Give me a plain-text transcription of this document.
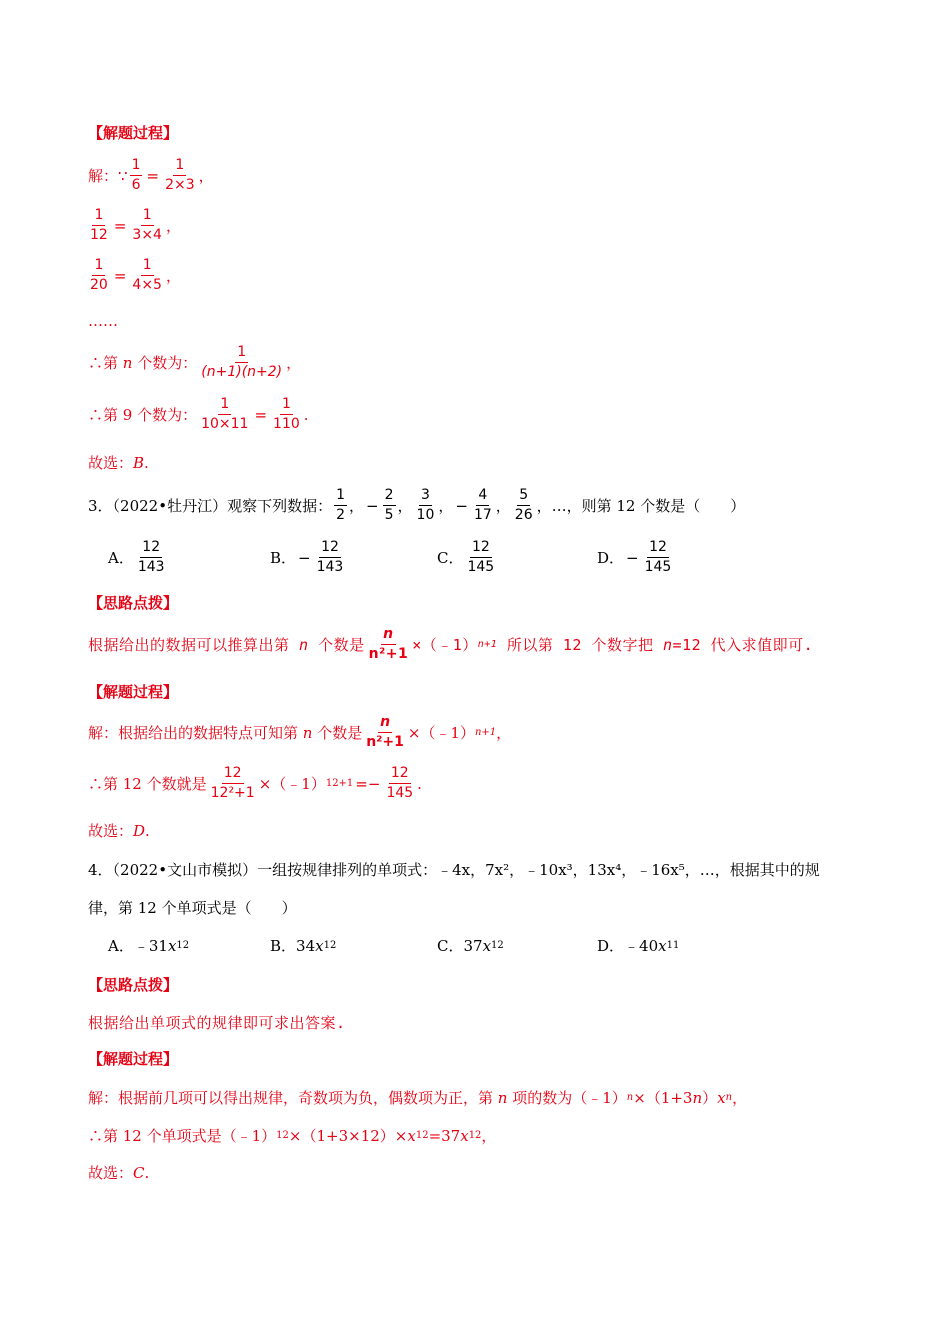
【解题过程】
解： ∵ $\frac{1}{6} = \frac{1}{2\times 3}$ ，
$\frac{1}{12} = \frac{1}{3\times 4}$ ，
$\frac{1}{20} = \frac{1}{4\times 5}$ ，
……
∴第
n
个数为： $\frac{1}{(n+1)(n+2)}$ ，
∴第 9 个数为： $\frac{1}{10\times 11} = \frac{1}{110}$ .
故选： B .
3．（2022•牡丹江）观察下列数据： $\frac{1}{2}$ ， − $\frac{2}{5}$ ， $\frac{3}{10}$ ， − $\frac{4}{17}$ ， $\frac{5}{26}$ ，…，则第 12 个数是（　　）
A． $\frac{12}{143}$	B． − $\frac{12}{143}$	C． $\frac{12}{145}$	D． − $\frac{12}{145}$
【思路点拨】
根据给出的数据可以推算出第
n
个数是 $\frac{n}{\text{n²+1}}$ ×（﹣1） n+1
所以第 12 个数字把
n =12 代入求值即可.
【解题过程】
解：根据给出的数据特点可知第
n
个数是 $\frac{n}{\text{n²+1}}$ ×（﹣1） n+1 ，
∴第 12 个数就是 $\frac{12}{\text{12²+1}}$ ×（﹣1） $12+1 =- \frac{12}{145}$ .
故选： D .
4．（2022•文山市模拟）一组按规律排列的单项式：﹣4 x，7x²，﹣10x³，13x⁴，﹣16x⁵，…，根据其中的规
律，第 12 个单项式是（　　）
A． ﹣31 x 12	B． 34 x 12	C． 37 x 12	D． ﹣40 x 11
【思路点拨】
根据给出单项式的规律即可求出答案.
【解题过程】
解：根据前几项可以得出规律，奇数项为负，偶数项为正，第
n
项的数为（﹣1） n ×（1+3 n ） x n ，
∴第 12 个单项式是（﹣1） 12 ×（1+3×12）× x 12 =37 x 12 ，
故选： C .
